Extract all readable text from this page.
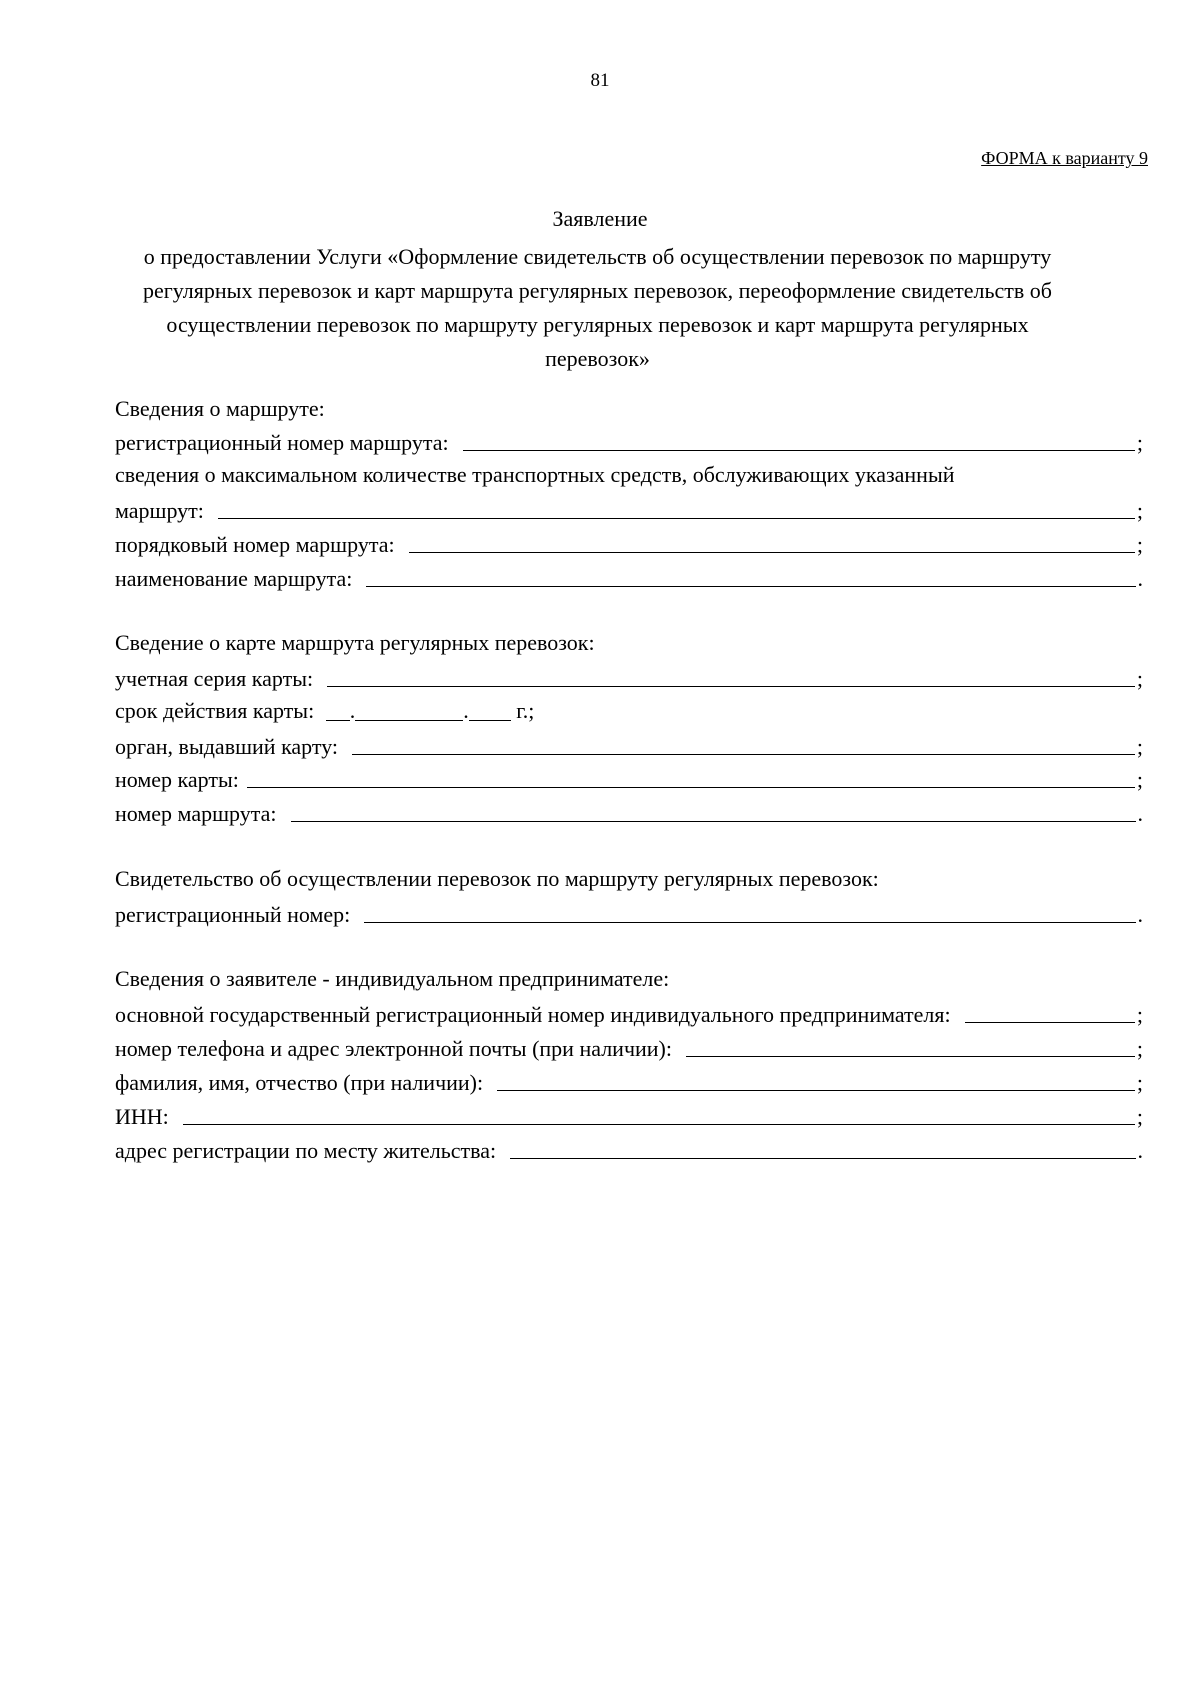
81
ФОРМА к варианту 9
Заявление
о предоставлении Услуги «Оформление свидетельств об осуществлении перевозок по маршруту регулярных перевозок и карт маршрута регулярных перевозок, переоформление свидетельств об осуществлении перевозок по маршруту регулярных перевозок и карт маршрута регулярных перевозок»
Сведения о маршруте:
регистрационный номер маршрута:	;
сведения о максимальном количестве транспортных средств, обслуживающих указанный
маршрут:	;
порядковый номер маршрута:	;
наименование маршрута:	.
Сведение о карте маршрута регулярных перевозок:
учетная серия карты:	;
срок действия карты: .	. г.;
орган, выдавший карту:	;
номер карты:	;
номер маршрута:	.
Свидетельство об осуществлении перевозок по маршруту регулярных перевозок:
регистрационный номер:	.
Сведения о заявителе - индивидуальном предпринимателе:
основной государственный регистрационный номер индивидуального предпринимателя:	;
номер телефона и адрес электронной почты (при наличии):	;
фамилия, имя, отчество (при наличии):	;
ИНН:	;
адрес регистрации по месту жительства:	.
